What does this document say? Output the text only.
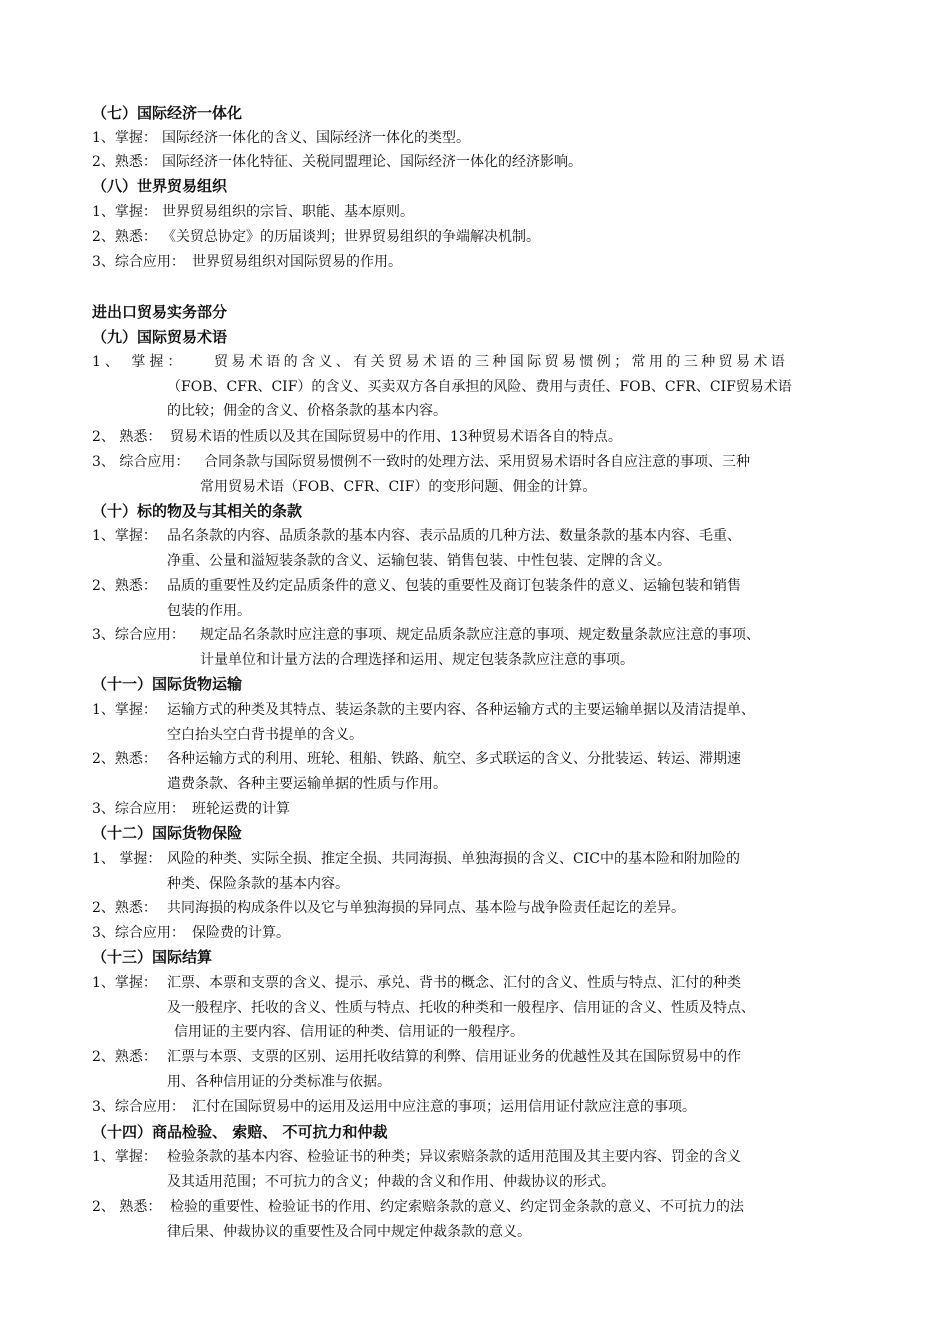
（七）国际经济一体化
1、掌握： 国际经济一体化的含义、国际经济一体化的类型。
2、熟悉： 国际经济一体化特征、关税同盟理论、国际经济一体化的经济影响。
（八）世界贸易组织
1、掌握： 世界贸易组织的宗旨、职能、基本原则。
2、熟悉： 《关贸总协定》的历届谈判；世界贸易组织的争端解决机制。
3、综合应用： 世界贸易组织对国际贸易的作用。
进出口贸易实务部分
（九）国际贸易术语
1、 掌握：	贸易术语的含义、有关贸易术语的三种国际贸易惯例；常用的三种贸易术语
（FOB、CFR、CIF）的含义、买卖双方各自承担的风险、费用与责任、FOB、CFR、CIF贸易术语
的比较；佣金的含义、价格条款的基本内容。
2、 熟悉： 贸易术语的性质以及其在国际贸易中的作用、13种贸易术语各自的特点。
3、 综合应用：	合同条款与国际贸易惯例不一致时的处理方法、采用贸易术语时各自应注意的事项、三种
常用贸易术语（FOB、CFR、CIF）的变形问题、佣金的计算。
（十）标的物及与其相关的条款
1、掌握： 品名条款的内容、品质条款的基本内容、表示品质的几种方法、数量条款的基本内容、毛重、
净重、公量和溢短装条款的含义、运输包装、销售包装、中性包装、定牌的含义。
2、熟悉： 品质的重要性及约定品质条件的意义、包装的重要性及商订包装条件的意义、运输包装和销售
包装的作用。
3、综合应用：	规定品名条款时应注意的事项、规定品质条款应注意的事项、规定数量条款应注意的事项、
计量单位和计量方法的合理选择和运用、规定包装条款应注意的事项。
（十一）国际货物运输
1、掌握： 运输方式的种类及其特点、装运条款的主要内容、各种运输方式的主要运输单据以及清洁提单、
空白抬头空白背书提单的含义。
2、熟悉： 各种运输方式的利用、班轮、租船、铁路、航空、多式联运的含义、分批装运、转运、滞期速
遣费条款、各种主要运输单据的性质与作用。
3、综合应用： 班轮运费的计算
（十二）国际货物保险
1、 掌握： 风险的种类、实际全损、推定全损、共同海损、单独海损的含义、CIC中的基本险和附加险的
种类、保险条款的基本内容。
2、熟悉： 共同海损的构成条件以及它与单独海损的异同点、基本险与战争险责任起讫的差异。
3、综合应用： 保险费的计算。
（十三）国际结算
1、掌握： 汇票、本票和支票的含义、提示、承兑、背书的概念、汇付的含义、性质与特点、汇付的种类
及一般程序、托收的含义、性质与特点、托收的种类和一般程序、信用证的含义、性质及特点、
信用证的主要内容、信用证的种类、信用证的一般程序。
2、熟悉： 汇票与本票、支票的区别、运用托收结算的利弊、信用证业务的优越性及其在国际贸易中的作
用、各种信用证的分类标准与依据。
3、综合应用： 汇付在国际贸易中的运用及运用中应注意的事项；运用信用证付款应注意的事项。
（十四）商品检验、 索赔、 不可抗力和仲裁
1、掌握： 检验条款的基本内容、检验证书的种类；异议索赔条款的适用范围及其主要内容、罚金的含义
及其适用范围；不可抗力的含义；仲裁的含义和作用、仲裁协议的形式。
2、 熟悉： 检验的重要性、检验证书的作用、约定索赔条款的意义、约定罚金条款的意义、不可抗力的法
律后果、仲裁协议的重要性及合同中规定仲裁条款的意义。
